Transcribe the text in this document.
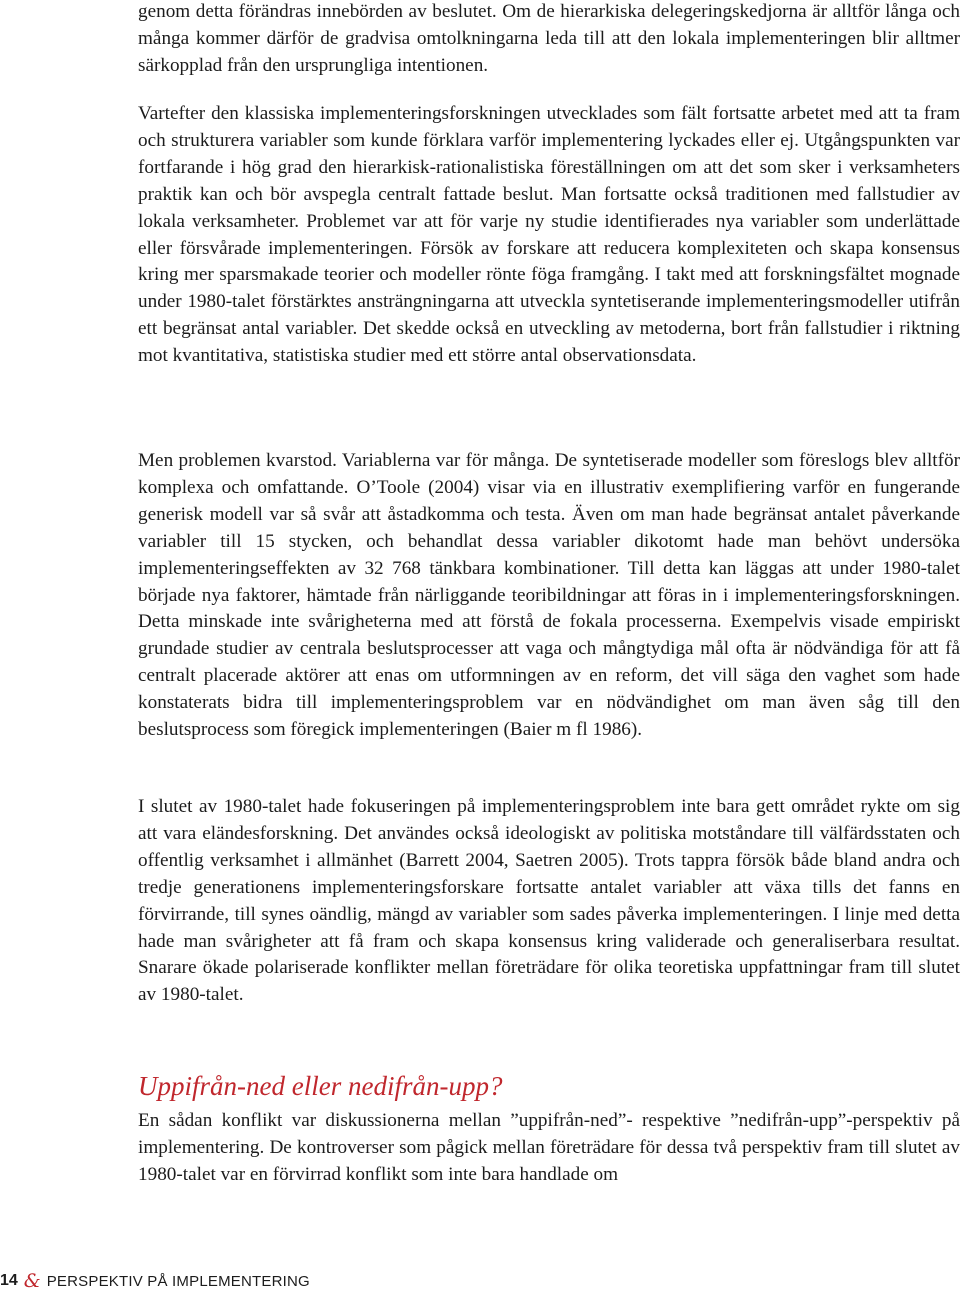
genom detta förändras innebörden av beslutet. Om de hierarkiska delegeringskedjorna är alltför långa och många kommer därför de gradvisa omtolkningarna leda till att den lokala implementeringen blir alltmer särkopplad från den ursprungliga intentionen.

Vartefter den klassiska implementeringsforskningen utvecklades som fält fortsatte arbetet med att ta fram och strukturera variabler som kunde förklara varför implementering lyckades eller ej. Utgångspunkten var fortfarande i hög grad den hierarkisk-rationalistiska föreställningen om att det som sker i verksamheters praktik kan och bör avspegla centralt fattade beslut. Man fortsatte också traditionen med fallstudier av lokala verksamheter. Problemet var att för varje ny studie identifierades nya variabler som underlättade eller försvårade implementeringen. Försök av forskare att reducera komplexiteten och skapa konsensus kring mer sparsmakade teorier och modeller rönte föga framgång. I takt med att forskningsfältet mognade under 1980-talet förstärktes ansträngningarna att utveckla syntetiserande implementeringsmodeller utifrån ett begränsat antal variabler. Det skedde också en utveckling av metoderna, bort från fallstudier i riktning mot kvantitativa, statistiska studier med ett större antal observationsdata.

Men problemen kvarstod. Variablerna var för många. De syntetiserade modeller som föreslogs blev alltför komplexa och omfattande. O’Toole (2004) visar via en illustrativ exemplifiering varför en fungerande generisk modell var så svår att åstadkomma och testa. Även om man hade begränsat antalet påverkande variabler till 15 stycken, och behandlat dessa variabler dikotomt hade man behövt undersöka implementeringseffekten av 32 768 tänkbara kombinationer. Till detta kan läggas att under 1980-talet började nya faktorer, hämtade från närliggande teoribildningar att föras in i implementeringsforskningen. Detta minskade inte svårigheterna med att förstå de fokala processerna. Exempelvis visade empiriskt grundade studier av centrala beslutsprocesser att vaga och mångtydiga mål ofta är nödvändiga för att få centralt placerade aktörer att enas om utformningen av en reform, det vill säga den vaghet som hade konstaterats bidra till implementeringsproblem var en nödvändighet om man även såg till den beslutsprocess som föregick implementeringen (Baier m fl 1986).

I slutet av 1980-talet hade fokuseringen på implementeringsproblem inte bara gett området rykte om sig att vara eländesforskning. Det användes också ideologiskt av politiska motståndare till välfärdsstaten och offentlig verksamhet i allmänhet (Barrett 2004, Saetren 2005). Trots tappra försök både bland andra och tredje generationens implementeringsforskare fortsatte antalet variabler att växa tills det fanns en förvirrande, till synes oändlig, mängd av variabler som sades påverka implementeringen. I linje med detta hade man svårigheter att få fram och skapa konsensus kring validerade och generaliserbara resultat. Snarare ökade polariserade konflikter mellan företrädare för olika teoretiska uppfattningar fram till slutet av 1980-talet.

Uppifrån-ned eller nedifrån-upp?

En sådan konflikt var diskussionerna mellan ”uppifrån-ned”- respektive ”nedifrån-upp”-perspektiv på implementering. De kontroverser som pågick mellan företrädare för dessa två perspektiv fram till slutet av 1980-talet var en förvirrad konflikt som inte bara handlade om

14 & PERSPEKTIV PÅ IMPLEMENTERING
